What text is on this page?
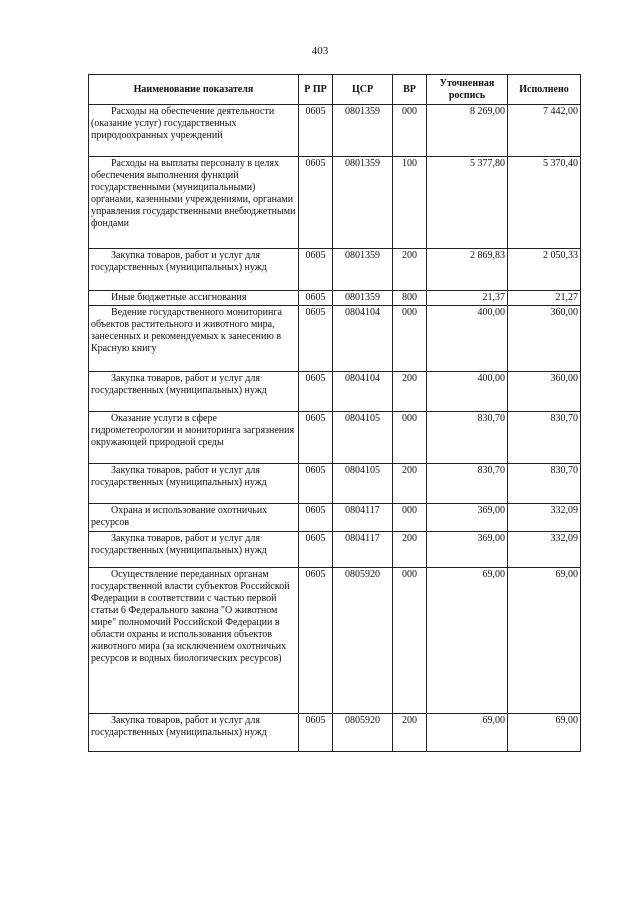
403
Наименование показателя	Р ПР	ЦСР	ВР	Уточненная роспись	Исполнено
Расходы на обеспечение деятельности (оказание услуг) государственных природоохранных учреждений	0605	0801359	000	8 269,00	7 442,00
Расходы на выплаты персоналу в целях обеспечения выполнения функций государственными (муниципальными) органами, казенными учреждениями, органами управления государственными внебюджетными фондами	0605	0801359	100	5 377,80	5 370,40
Закупка товаров, работ и услуг для государственных (муниципальных) нужд	0605	0801359	200	2 869,83	2 050,33
Иные бюджетные ассигнования	0605	0801359	800	21,37	21,27
Ведение государственного мониторинга объектов растительного и животного мира, занесенных и рекомендуемых к занесению в Красную книгу	0605	0804104	000	400,00	360,00
Закупка товаров, работ и услуг для государственных (муниципальных) нужд	0605	0804104	200	400,00	360,00
Оказание услуги в сфере гидрометеорологии и мониторинга загрязнения окружающей природной среды	0605	0804105	000	830,70	830,70
Закупка товаров, работ и услуг для государственных (муниципальных) нужд	0605	0804105	200	830,70	830,70
Охрана и использование охотничьих ресурсов	0605	0804117	000	369,00	332,09
Закупка товаров, работ и услуг для государственных (муниципальных) нужд	0605	0804117	200	369,00	332,09
Осуществление переданных органам государственной власти субъектов Российской Федерации в соответствии с частью первой статьи 6 Федерального закона "О животном мире" полномочий Российской Федерации в области охраны и использования объектов животного мира (за исключением охотничьих ресурсов и водных биологических ресурсов)	0605	0805920	000	69,00	69,00
Закупка товаров, работ и услуг для государственных (муниципальных) нужд	0605	0805920	200	69,00	69,00
